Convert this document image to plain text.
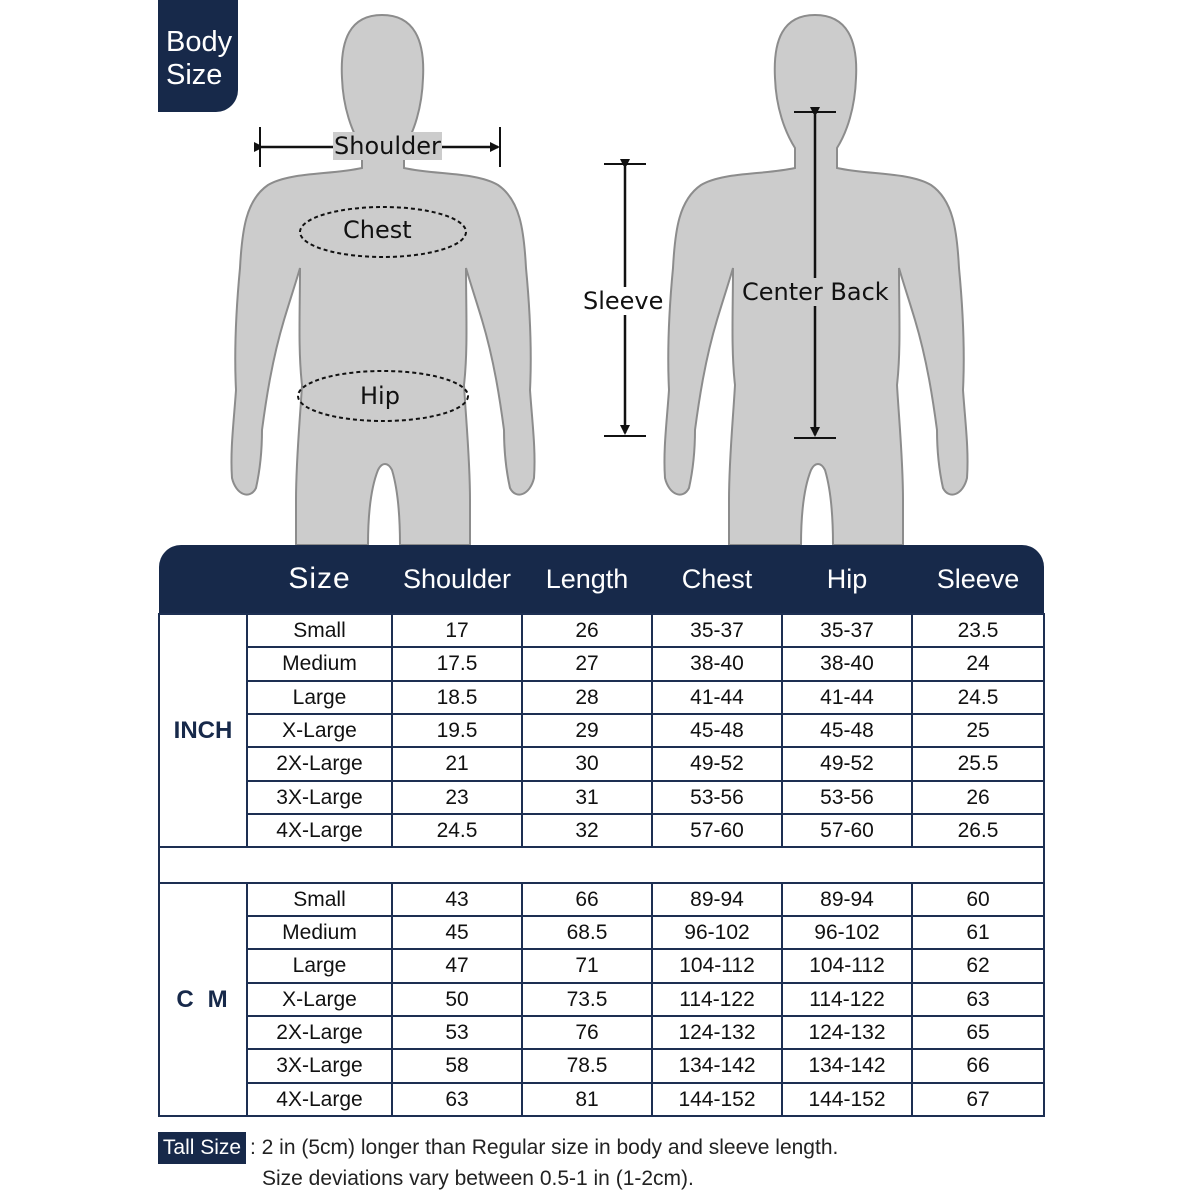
Body
Size
Shoulder
Chest
Hip
Sleeve	Center Back
	Size	Shoulder	Length	Chest	Hip	Sleeve
INCH	Small	17	26	35-37	35-37	23.5
	Medium	17.5	27	38-40	38-40	24
	Large	18.5	28	41-44	41-44	24.5
	X-Large	19.5	29	45-48	45-48	25
	2X-Large	21	30	49-52	49-52	25.5
	3X-Large	23	31	53-56	53-56	26
	4X-Large	24.5	32	57-60	57-60	26.5

CM	Small	43	66	89-94	89-94	60
	Medium	45	68.5	96-102	96-102	61
	Large	47	71	104-112	104-112	62
	X-Large	50	73.5	114-122	114-122	63
	2X-Large	53	76	124-132	124-132	65
	3X-Large	58	78.5	134-142	134-142	66
	4X-Large	63	81	144-152	144-152	67
Tall Size : 2 in (5cm) longer than Regular size in body and sleeve length.
Size deviations vary between 0.5-1 in (1-2cm).
